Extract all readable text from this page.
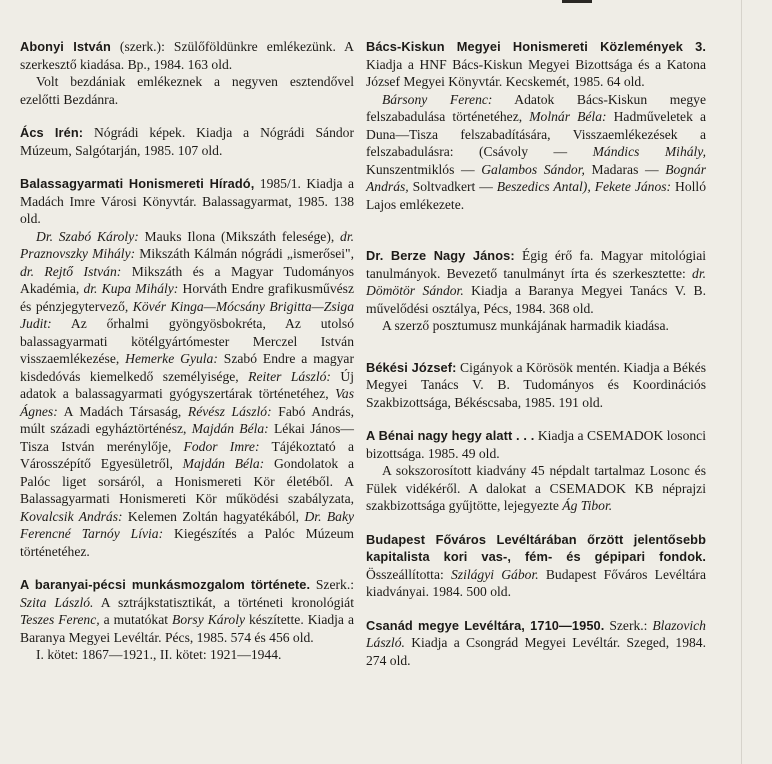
Abonyi István (szerk.): Szülőföldünkre emlékezünk. A szerkesztő kiadása. Bp., 1984. 163 old.

Volt bezdániak emlékeznek a negyven esztendővel ezelőtti Bezdánra.

Ács Irén: Nógrádi képek. Kiadja a Nógrádi Sándor Múzeum, Salgótarján, 1985. 107 old.

Balassagyarmati Honismereti Híradó, 1985/1. Kiadja a Madách Imre Városi Könyvtár. Balassagyarmat, 1985. 138 old.

Dr. Szabó Károly: Mauks Ilona (Mikszáth felesége), dr. Praznovszky Mihály: Mikszáth Kálmán nógrádi „ismerősei", dr. Rejtő István: Mikszáth és a Magyar Tudományos Akadémia, dr. Kupa Mihály: Horváth Endre grafikusművész és pénzjegytervező, Kövér Kinga—Mócsány Brigitta—Zsiga Judit: Az őrhalmi gyöngyösbokréta, Az utolsó balassagyarmati kötélgyártómester Merczel István visszaemlékezése, Hemerke Gyula: Szabó Endre a magyar kisdedóvás kiemelkedő személyisége, Reiter László: Új adatok a balassagyarmati gyógyszertárak történetéhez, Vas Ágnes: A Madách Társaság, Révész László: Fabó András, múlt századi egyháztörténész, Majdán Béla: Lékai János—Tisza István merénylője, Fodor Imre: Tájékoztató a Városszépítő Egyesületről, Majdán Béla: Gondolatok a Palóc liget sorsáról, a Honismereti Kör életéből. A Balassagyarmati Honismereti Kör működési szabályzata, Kovalcsik András: Kelemen Zoltán hagyatékából, Dr. Baky Ferencné Tarnóy Lívia: Kiegészítés a Palóc Múzeum történetéhez.

A baranyai-pécsi munkásmozgalom története. Szerk.: Szita László. A sztrájkstatisztikát, a történeti kronológiát Teszes Ferenc, a mutatókat Borsy Károly készítette. Kiadja a Baranya Megyei Levéltár. Pécs, 1985. 574 és 456 old.

I. kötet: 1867—1921., II. kötet: 1921—1944.

Bács-Kiskun Megyei Honismereti Közlemények 3. Kiadja a HNF Bács-Kiskun Megyei Bizottsága és a Katona József Megyei Könyvtár. Kecskemét, 1985. 64 old.

Bársony Ferenc: Adatok Bács-Kiskun megye felszabadulása történetéhez, Molnár Béla: Hadműveletek a Duna—Tisza felszabadítására, Visszaemlékezések a felszabadulásra: (Csávoly — Mándics Mihály, Kunszentmiklós — Galambos Sándor, Madaras — Bognár András, Soltvadkert — Beszedics Antal), Fekete János: Holló Lajos emlékezete.

Dr. Berze Nagy János: Égig érő fa. Magyar mitológiai tanulmányok. Bevezető tanulmányt írta és szerkesztette: dr. Dömötör Sándor. Kiadja a Baranya Megyei Tanács V. B. művelődési osztálya, Pécs, 1984. 368 old.

A szerző posztumusz munkájának harmadik kiadása.

Békési József: Cigányok a Körösök mentén. Kiadja a Békés Megyei Tanács V. B. Tudományos és Koordinációs Szakbizottsága, Békéscsaba, 1985. 191 old.

A Bénai nagy hegy alatt . . . Kiadja a CSEMADOK losonci bizottsága. 1985. 49 old.

A sokszorosított kiadvány 45 népdalt tartalmaz Losonc és Fülek vidékéről. A dalokat a CSEMADOK KB néprajzi szakbizottsága gyűjtötte, lejegyezte Ág Tibor.

Budapest Főváros Levéltárában őrzött jelentősebb kapitalista kori vas-, fém- és gépipari fondok. Összeállította: Szilágyi Gábor. Budapest Főváros Levéltára kiadványai. 1984. 500 old.

Csanád megye Levéltára, 1710—1950. Szerk.: Blazovich László. Kiadja a Csongrád Megyei Levéltár. Szeged, 1984. 274 old.
